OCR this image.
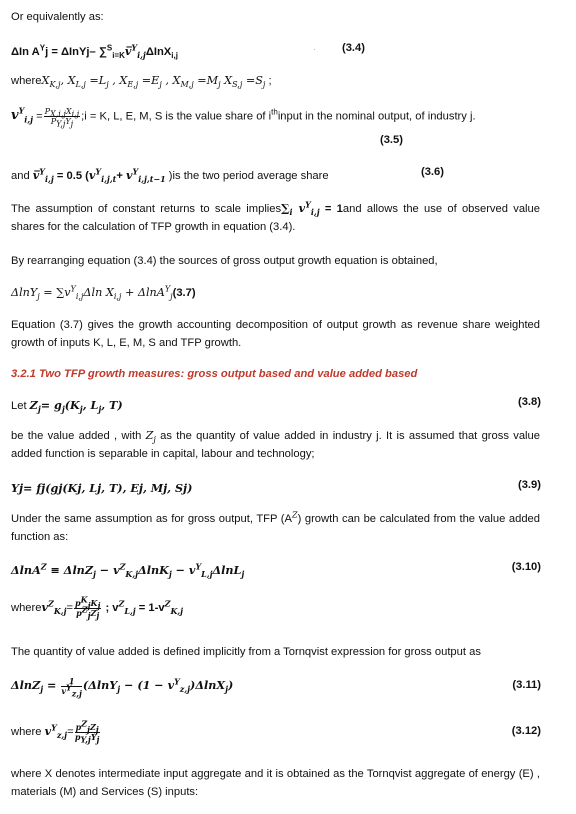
Or equivalently as:
ΔIn $A^Yj$ = ΔInYj– ∑$^S_{i=K}$v̅$^Y_{i,j}$ΔInX$_{i,j}$
· (3.4)
whereX$_{K,j}$, $X_{L,j} =L_j$ , $X_{E,j} =E_j$ , $X_{M,j} =M_j$ $X_{S,j} =S_j$ ;
$v^Y_{i,j} = \frac{P_{X,i,j}X_{i,j}}{P_{Y,j}Y_j}$ ;i = K, L, E, M, S is the value share of $i^{th}input$ in the nominal output, of industry j.
(3.5)
and v̅$^Y_{i,j}$ = 0.5 ($v^Y_{i,j,t}+ v^Y_{i,j,t-1}$ )is the two period average share	(3.6)
The assumption of constant returns to scale $implies\sum_i$ $v^Y_{i,j} = 1and$ allows the use of observed value shares for the calculation of TFP growth in equation (3.4).
By rearranging equation (3.4) the sources of gross output growth equation is obtained,
$\Delta\ln Y_j = \sum v^Y_{i,j}\Delta\ln$ $X_{i,j} + \Delta\ln A^Y_j(3.7)$
Equation (3.7) gives the growth accounting decomposition of output growth as revenue share weighted growth of inputs K, L, E, M, S and TFP growth.
3.2.1 Two TFP growth measures: gross output based and value added based
Let $Z_j= g_j(K_j$, $L_j$, T)	(3.8)
be the value added , with $Z_j$ as the quantity of value added in industry j. It is assumed that gross value added function is separable in capital, labour and technology;
Yj= fj(gj(Kj, Lj, T), Ej, Mj, Sj)	(3.9)
Under the same assumption as for gross output, TFP $(A^Z)$ growth can be calculated from the value added function as:
$\Delta\ln A^Z \equiv \Delta\ln Z_j - v^Z_{K,j}\Delta\ln K_j - v^Y_{L,j}\Delta\ln L_j$
(3.10)
wherev$^Z_{K,j}$= $\frac{p^K_jK_j}{p^Z_jZ_j}$ ; $v^Z_{L,j} = 1-v^Z_{K,j}$
The quantity of value added is defined implicitly from a Tornqvist expression for gross output as
$\Delta\ln Z_j = \frac{1}{v^Y_{z,j}} (\Delta\ln Y_j - (1 - v^Y_{z,j})\Delta\ln X_j)$	(3.11)
where $v^Y_{z,j}= \frac{p^Z_jZ_j}{p_{Y,j}Y_j}$	(3.12)
where X denotes intermediate input aggregate and it is obtained as the Tornqvist aggregate of energy (E) , materials (M) and Services (S) inputs:
